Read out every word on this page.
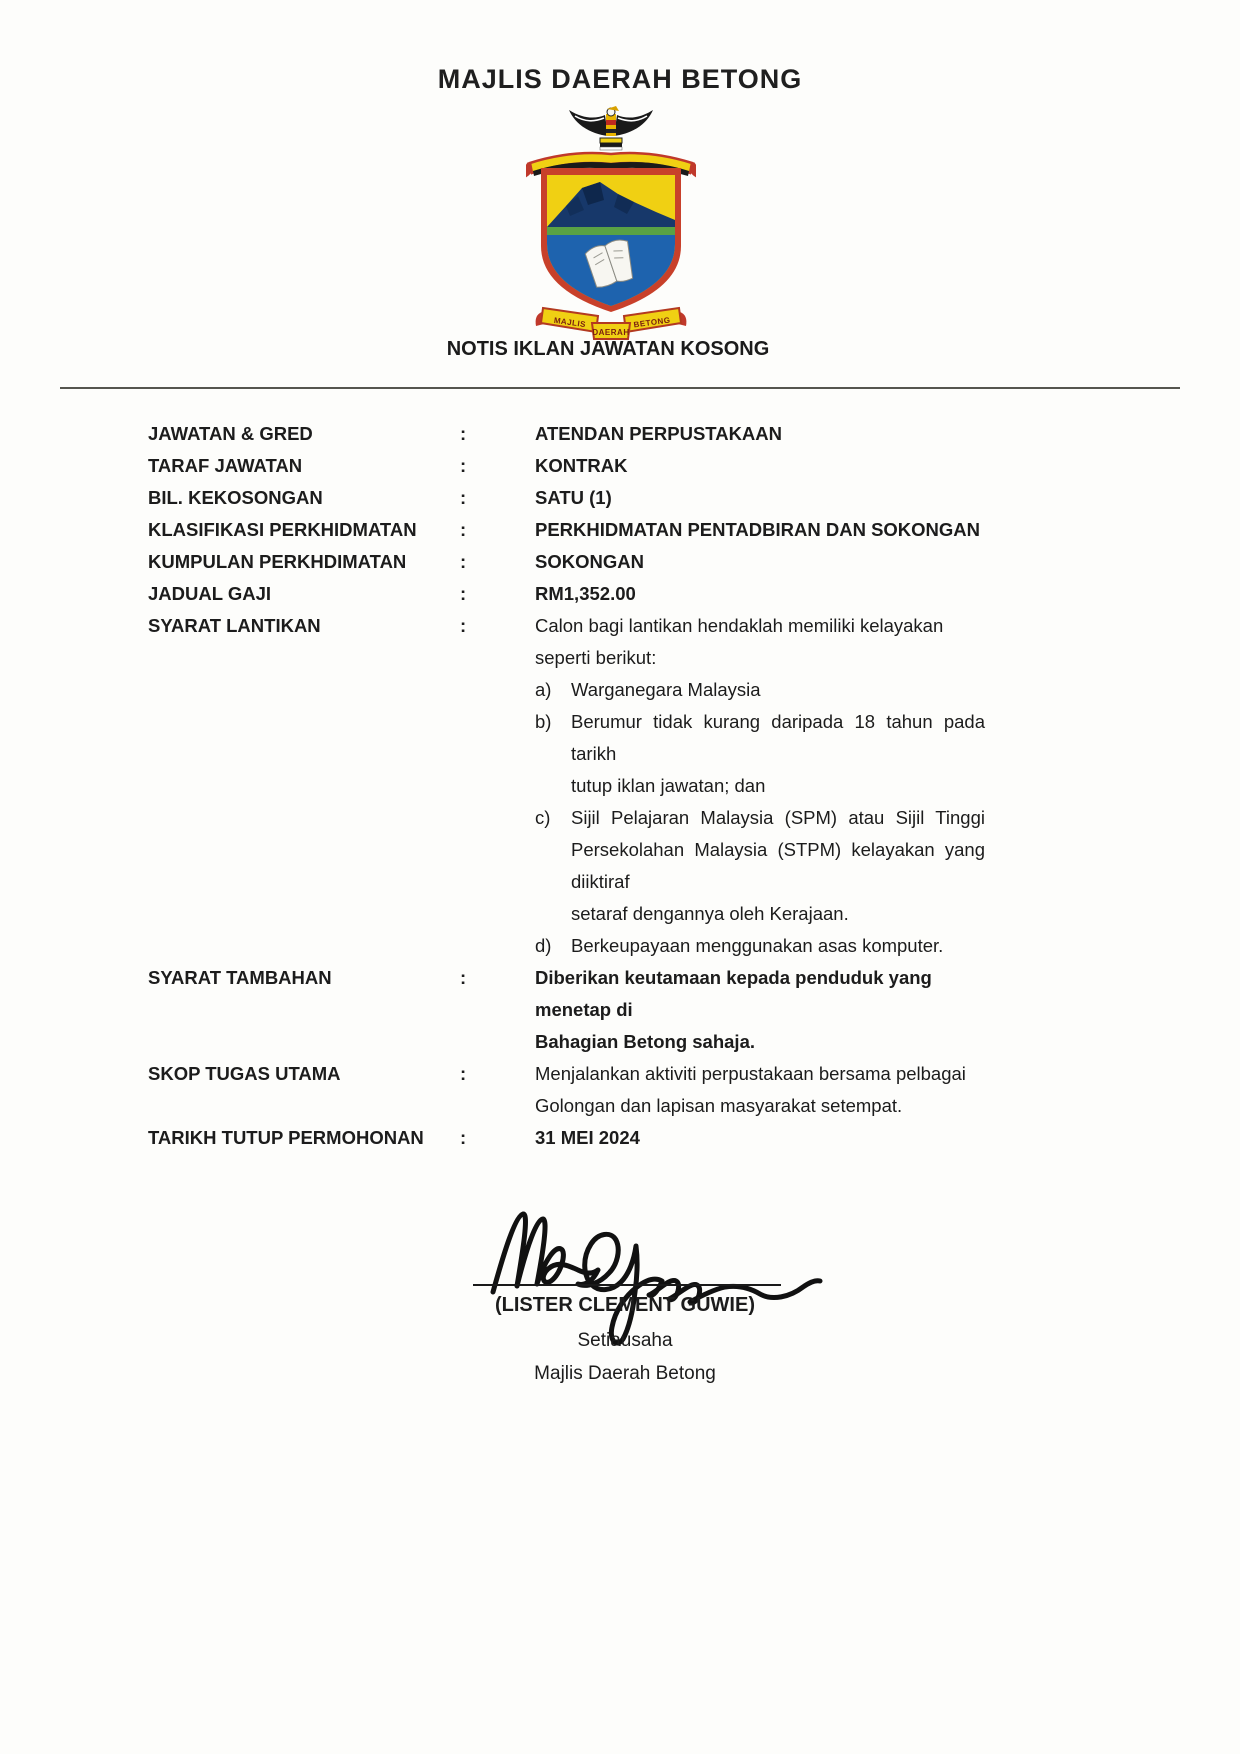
MAJLIS DAERAH BETONG
MAJLIS	BETONG
DAERAH
NOTIS IKLAN JAWATAN KOSONG
JAWATAN & GRED	:	ATENDAN PERPUSTAKAAN
TARAF JAWATAN	:	KONTRAK
BIL. KEKOSONGAN	:	SATU (1)
KLASIFIKASI PERKHIDMATAN	:	PERKHIDMATAN PENTADBIRAN DAN SOKONGAN
KUMPULAN PERKHDIMATAN	:	SOKONGAN
JADUAL GAJI	:	RM1,352.00
SYARAT LANTIKAN	:	Calon bagi lantikan hendaklah memiliki kelayakan
seperti berikut:
a)	Warganegara Malaysia
b)	Berumur tidak kurang daripada 18 tahun pada tarikh
tutup iklan jawatan; dan
c)	Sijil Pelajaran Malaysia (SPM) atau Sijil Tinggi
Persekolahan Malaysia (STPM) kelayakan yang diiktiraf
setaraf dengannya oleh Kerajaan.
d)	Berkeupayaan menggunakan asas komputer.
SYARAT TAMBAHAN	:	Diberikan keutamaan kepada penduduk yang menetap di
Bahagian Betong sahaja.
SKOP TUGAS UTAMA	:	Menjalankan aktiviti perpustakaan bersama pelbagai
Golongan dan lapisan masyarakat setempat.
TARIKH TUTUP PERMOHONAN	:	31 MEI 2024
(LISTER CLEMENT GUWIE)
Setiausaha
Majlis Daerah Betong
